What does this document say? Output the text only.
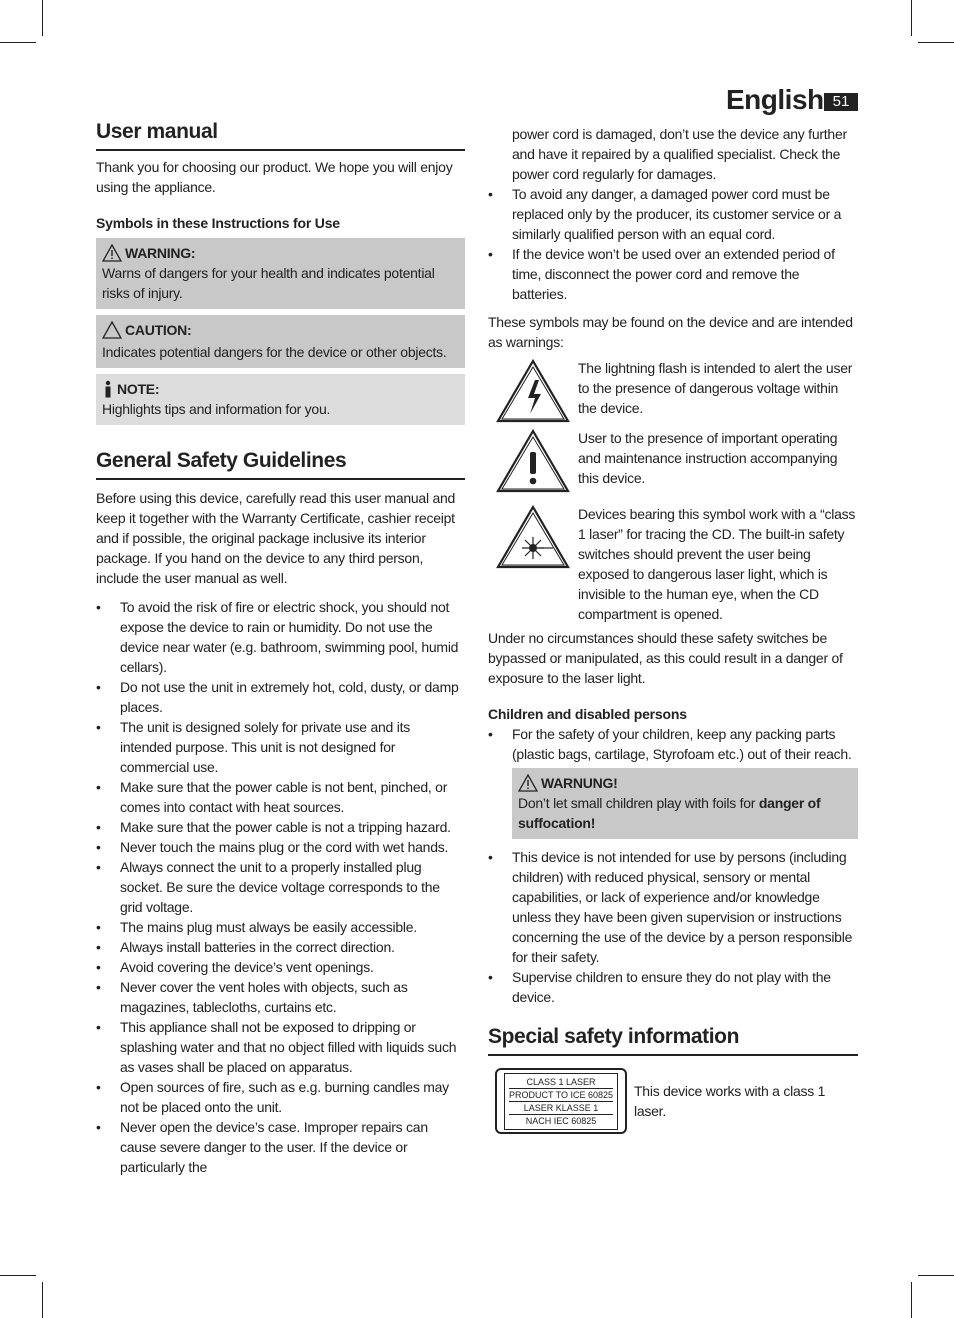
English 51
User manual

Thank you for choosing our product. We hope you will enjoy using the appliance.

Symbols in these Instructions for Use
WARNING:
Warns of dangers for your health and indicates potential risks of injury.
CAUTION:
Indicates potential dangers for the device or other objects.
NOTE:
Highlights tips and information for you.
General Safety Guidelines

Before using this device, carefully read this user manual and keep it together with the Warranty Certificate, cashier receipt and if possible, the original package inclusive its interior package. If you hand on the device to any third person, include the user manual as well.

• To avoid the risk of fire or electric shock, you should not expose the device to rain or humidity. Do not use the device near water (e.g. bathroom, swimming pool, humid cellars).
• Do not use the unit in extremely hot, cold, dusty, or damp places.
• The unit is designed solely for private use and its intended purpose. This unit is not designed for commercial use.
• Make sure that the power cable is not bent, pinched, or comes into contact with heat sources.
• Make sure that the power cable is not a tripping hazard.
• Never touch the mains plug or the cord with wet hands.
• Always connect the unit to a properly installed plug socket. Be sure the device voltage corresponds to the grid voltage.
• The mains plug must always be easily accessible.
• Always install batteries in the correct direction.
• Avoid covering the device’s vent openings.
• Never cover the vent holes with objects, such as magazines, tablecloths, curtains etc.
• This appliance shall not be exposed to dripping or splashing water and that no object filled with liquids such as vases shall be placed on apparatus.
• Open sources of fire, such as e.g. burning candles may not be placed onto the unit.
• Never open the device’s case. Improper repairs can cause severe danger to the user. If the device or particularly the

power cord is damaged, don’t use the device any further and have it repaired by a qualified specialist. Check the power cord regularly for damages.

• To avoid any danger, a damaged power cord must be replaced only by the producer, its customer service or a similarly qualified person with an equal cord.
• If the device won’t be used over an extended period of time, disconnect the power cord and remove the batteries.

These symbols may be found on the device and are intended as warnings:

The lightning flash is intended to alert the user to the presence of dangerous voltage within the device.

User to the presence of important operating and maintenance instruction accompanying this device.

Devices bearing this symbol work with a “class 1 laser” for tracing the CD. The built-in safety switches should prevent the user being exposed to dangerous laser light, which is invisible to the human eye, when the CD compartment is opened.

Under no circumstances should these safety switches be bypassed or manipulated, as this could result in a danger of exposure to the laser light.

Children and disabled persons
• For the safety of your children, keep any packing parts (plastic bags, cartilage, Styrofoam etc.) out of their reach.
WARNUNG!
Don’t let small children play with foils for danger of suffocation!
• This device is not intended for use by persons (including children) with reduced physical, sensory or mental capabilities, or lack of experience and/or knowledge unless they have been given supervision or instructions concerning the use of the device by a person responsible for their safety.
• Supervise children to ensure they do not play with the device.
Special safety information
CLASS 1 LASER
PRODUCT TO ICE 60825
LASER KLASSE 1
NACH IEC 60825

This device works with a class 1 laser.
